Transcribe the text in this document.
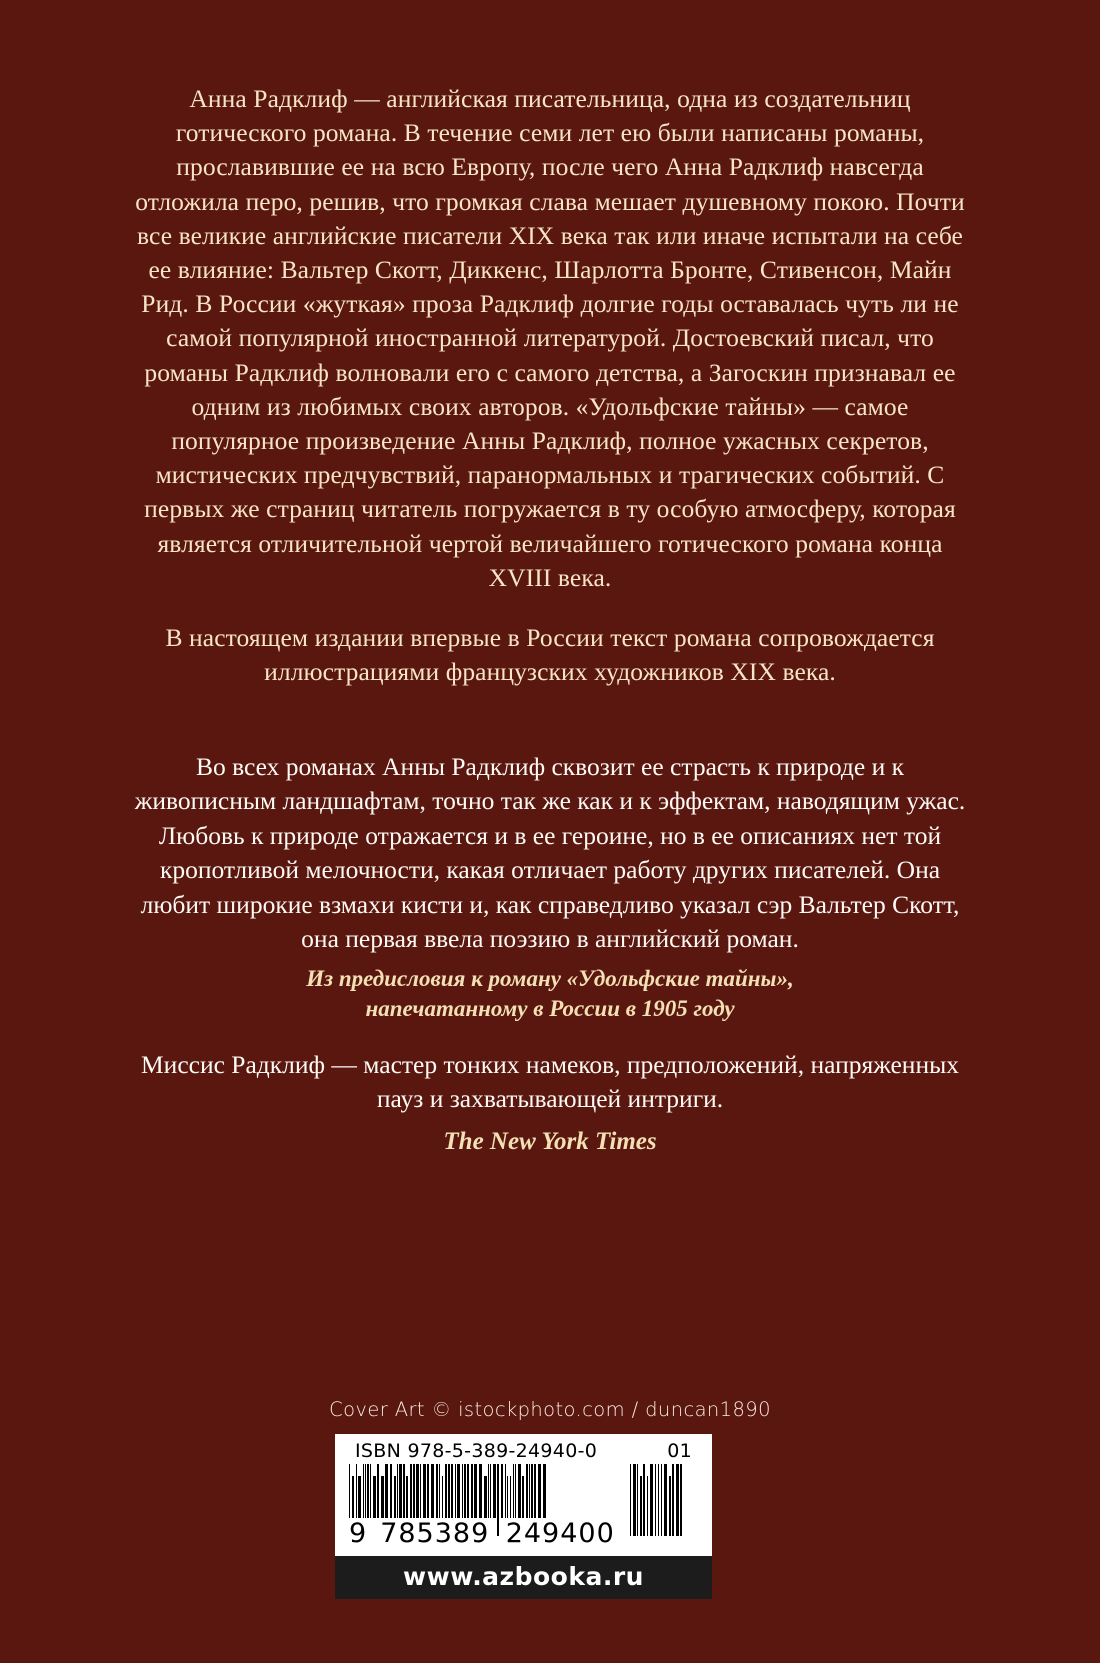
Анна Радклиф — английская писательница, одна из создательниц готического романа. В течение семи лет ею были написаны романы, прославившие ее на всю Европу, после чего Анна Радклиф навсегда отложила перо, решив, что громкая слава мешает душевному покою. Почти все великие английские писатели XIX века так или иначе испытали на себе ее влияние: Вальтер Скотт, Диккенс, Шарлотта Бронте, Стивенсон, Майн Рид. В России «жуткая» проза Радклиф долгие годы оставалась чуть ли не самой популярной иностранной литературой. Достоевский писал, что романы Радклиф волновали его с самого детства, а Загоскин признавал ее одним из любимых своих авторов. «Удольфские тайны» — самое популярное произведение Анны Радклиф, полное ужасных секретов, мистических предчувствий, паранормальных и трагических событий. С первых же страниц читатель погружается в ту особую атмосферу, которая является отличительной чертой величайшего готического романа конца XVIII века.

В настоящем издании впервые в России текст романа сопровождается иллюстрациями французских художников XIX века.

Во всех романах Анны Радклиф сквозит ее страсть к природе и к живописным ландшафтам, точно так же как и к эффектам, наводящим ужас. Любовь к природе отражается и в ее героине, но в ее описаниях нет той кропотливой мелочности, какая отличает работу других писателей. Она любит широкие взмахи кисти и, как справедливо указал сэр Вальтер Скотт, она первая ввела поэзию в английский роман.

Из предисловия к роману «Удольфские тайны»,
напечатанному в России в 1905 году

Миссис Радклиф — мастер тонких намеков, предположений, напряженных пауз и захватывающей интриги.

The New York Times

Cover Art © istockphoto.com / duncan1890
ISBN 978-5-389-24940-0	01
9 785389 249400
www.azbooka.ru
